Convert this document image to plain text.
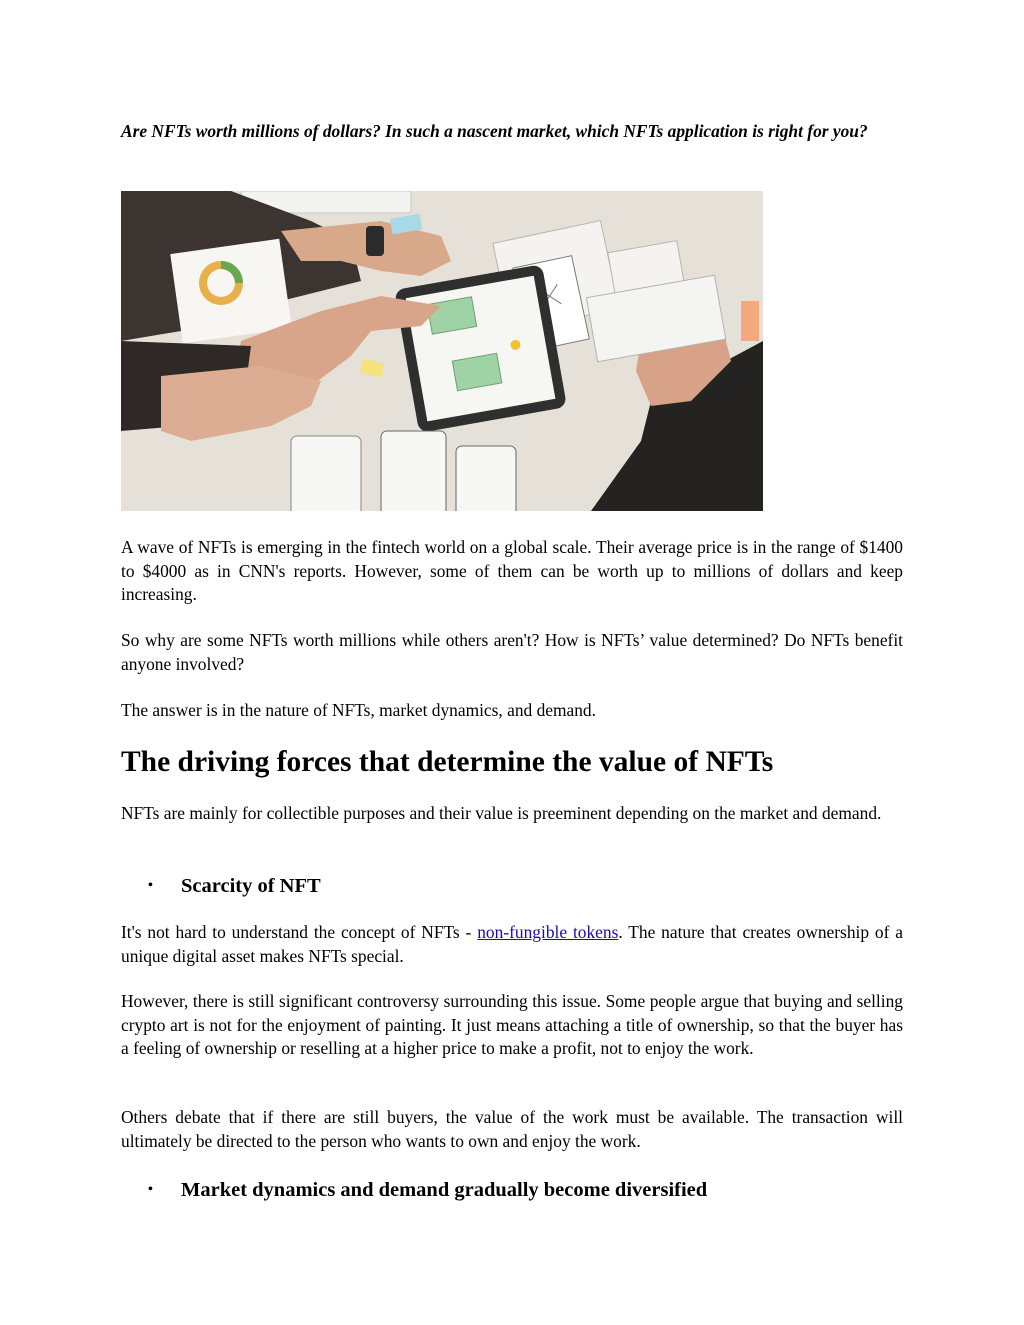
Are NFTs worth millions of dollars? In such a nascent market, which NFTs application is right for you?

A wave of NFTs is emerging in the fintech world on a global scale. Their average price is in the range of $1400 to $4000 as in CNN's reports. However, some of them can be worth up to millions of dollars and keep increasing.

So why are some NFTs worth millions while others aren't? How is NFTs’ value determined? Do NFTs benefit anyone involved?

The answer is in the nature of NFTs, market dynamics, and demand.

The driving forces that determine the value of NFTs

NFTs are mainly for collectible purposes and their value is preeminent depending on the market and demand.

• Scarcity of NFT

It's not hard to understand the concept of NFTs - non-fungible tokens. The nature that creates ownership of a unique digital asset makes NFTs special.

However, there is still significant controversy surrounding this issue. Some people argue that buying and selling crypto art is not for the enjoyment of painting. It just means attaching a title of ownership, so that the buyer has a feeling of ownership or reselling at a higher price to make a profit, not to enjoy the work.

Others debate that if there are still buyers, the value of the work must be available. The transaction will ultimately be directed to the person who wants to own and enjoy the work.

• Market dynamics and demand gradually become diversified
